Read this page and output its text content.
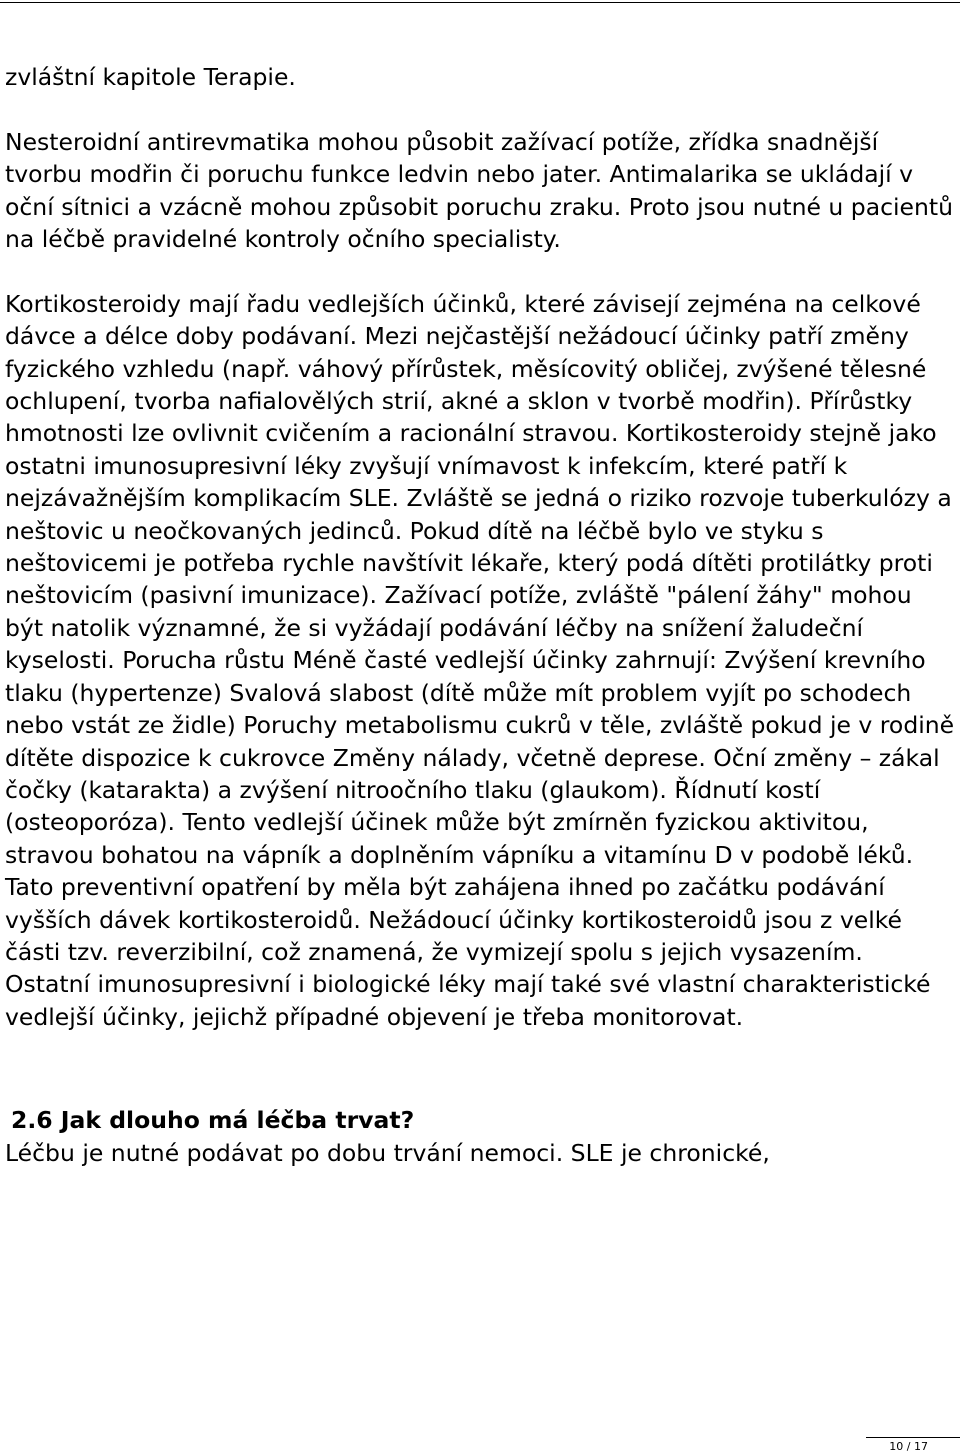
zvláštní kapitole Terapie.

Nesteroidní antirevmatika mohou působit zažívací potíže, zřídka snadnější tvorbu modřin či poruchu funkce ledvin nebo jater. Antimalarika se ukládají v oční sítnici a vzácně mohou způsobit poruchu zraku. Proto jsou nutné u pacientů na léčbě pravidelné kontroly očního specialisty.

Kortikosteroidy mají řadu vedlejších účinků, které závisejí zejména na celkové dávce a délce doby podávaní. Mezi nejčastější nežádoucí účinky patří změny fyzického vzhledu (např. váhový přírůstek, měsícovitý obličej, zvýšené tělesné ochlupení, tvorba nafialovělých strií, akné a sklon v tvorbě modřin). Přírůstky hmotnosti lze ovlivnit cvičením a racionální stravou. Kortikosteroidy stejně jako ostatni imunosupresivní léky zvyšují vnímavost k infekcím, které patří k nejzávažnějším komplikacím SLE. Zvláště se jedná o riziko rozvoje tuberkulózy a neštovic u neočkovaných jedinců. Pokud dítě na léčbě bylo ve styku s neštovicemi je potřeba rychle navštívit lékaře, který podá dítěti protilátky proti neštovicím (pasivní imunizace). Zažívací potíže, zvláště "pálení žáhy" mohou být natolik významné, že si vyžádají podávání léčby na snížení žaludeční kyselosti. Porucha růstu Méně časté vedlejší účinky zahrnují: Zvýšení krevního tlaku (hypertenze) Svalová slabost (dítě může mít problem vyjít po schodech nebo vstát ze židle) Poruchy metabolismu cukrů v těle, zvláště pokud je v rodině dítěte dispozice k cukrovce Změny nálady, včetně deprese. Oční změny – zákal čočky (katarakta) a zvýšení nitroočního tlaku (glaukom). Řídnutí kostí (osteoporóza). Tento vedlejší účinek může být zmírněn fyzickou aktivitou, stravou bohatou na vápník a doplněním vápníku a vitamínu D v podobě léků. Tato preventivní opatření by měla být zahájena ihned po začátku podávání vyšších dávek kortikosteroidů. Nežádoucí účinky kortikosteroidů jsou z velké části tzv. reverzibilní, což znamená, že vymizejí spolu s jejich vysazením.

Ostatní imunosupresivní i biologické léky mají také své vlastní charakteristické vedlejší účinky, jejichž případné objevení je třeba monitorovat.

2.6 Jak dlouho má léčba trvat?

Léčbu je nutné podávat po dobu trvání nemoci. SLE je chronické,

10 / 17
